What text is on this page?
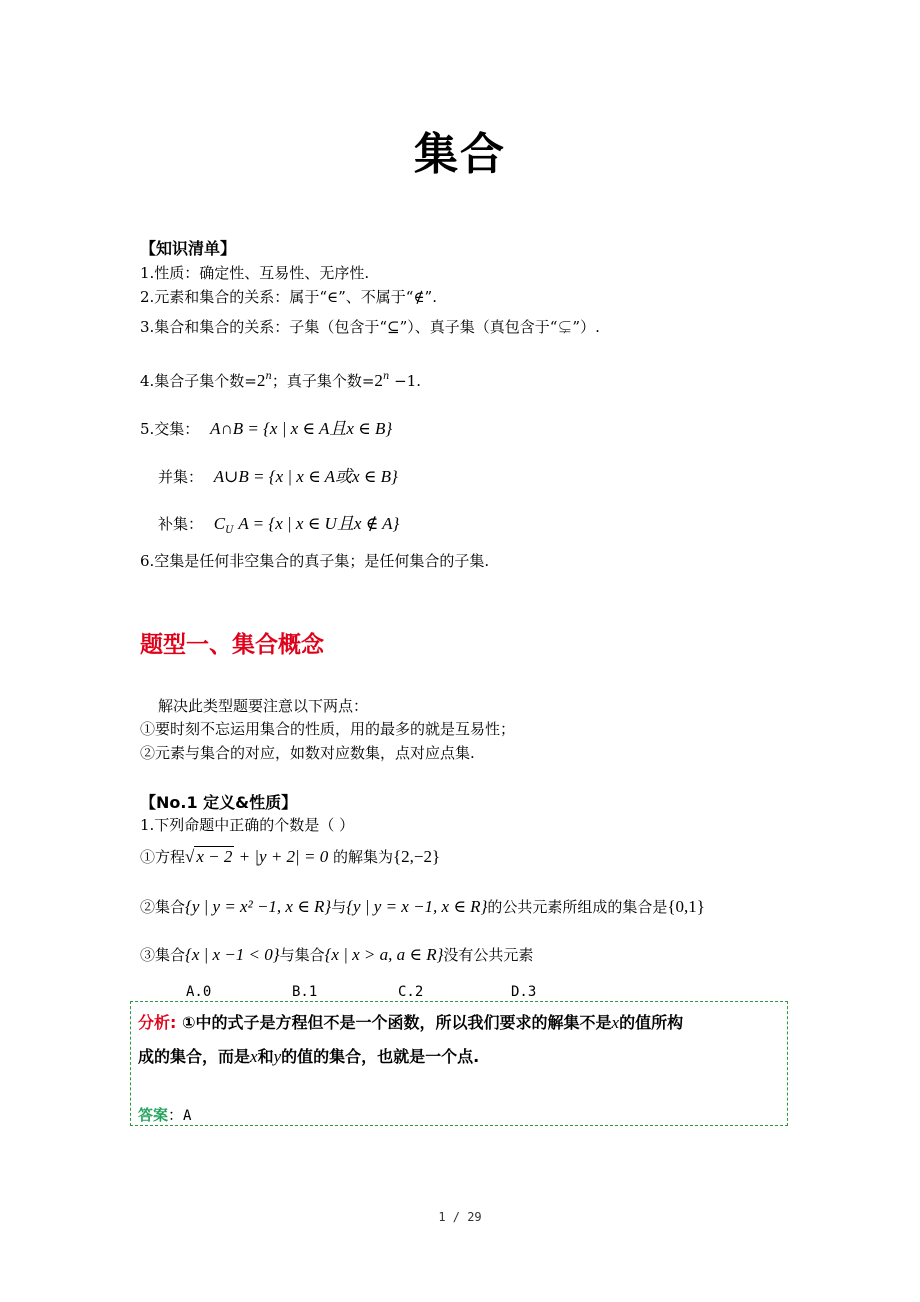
集合
【知识清单】
1.性质：确定性、互易性、无序性.
2.元素和集合的关系：属于“∈”、不属于“∉”.
3.集合和集合的关系：子集（包含于“⊆”）、真子集（真包含于“⊊”）.
4.集合子集个数$=2^n$；真子集个数$=2^n -1$.
5.交集： A∩B = {x | x ∈ A且x ∈ B}
并集： A∪B = {x | x ∈ A或x ∈ B}
补集： $C_U$ A = {x | x ∈ U且x ∉ A}
6.空集是任何非空集合的真子集；是任何集合的子集.
题型一、集合概念
解决此类型题要注意以下两点：
①要时刻不忘运用集合的性质，用的最多的就是互易性；
②元素与集合的对应，如数对应数集，点对应点集.
【No.1 定义&性质】
1.下列命题中正确的个数是（ ）
①方程√ x − 2 + |y + 2| = 0 的解集为{2,−2}
②集合{y | y = x² −1, x ∈ R}与{y | y = x −1, x ∈ R}的公共元素所组成的集合是{0,1}
③集合{x | x −1 < 0}与集合{x | x > a, a ∈ R}没有公共元素
A.0	B.1	C.2	D.3
分析: ①中的式子是方程但不是一个函数，所以我们要求的解集不是x的值所构
成的集合，而是x和y的值的集合，也就是一个点.
答案：A
1 / 29
